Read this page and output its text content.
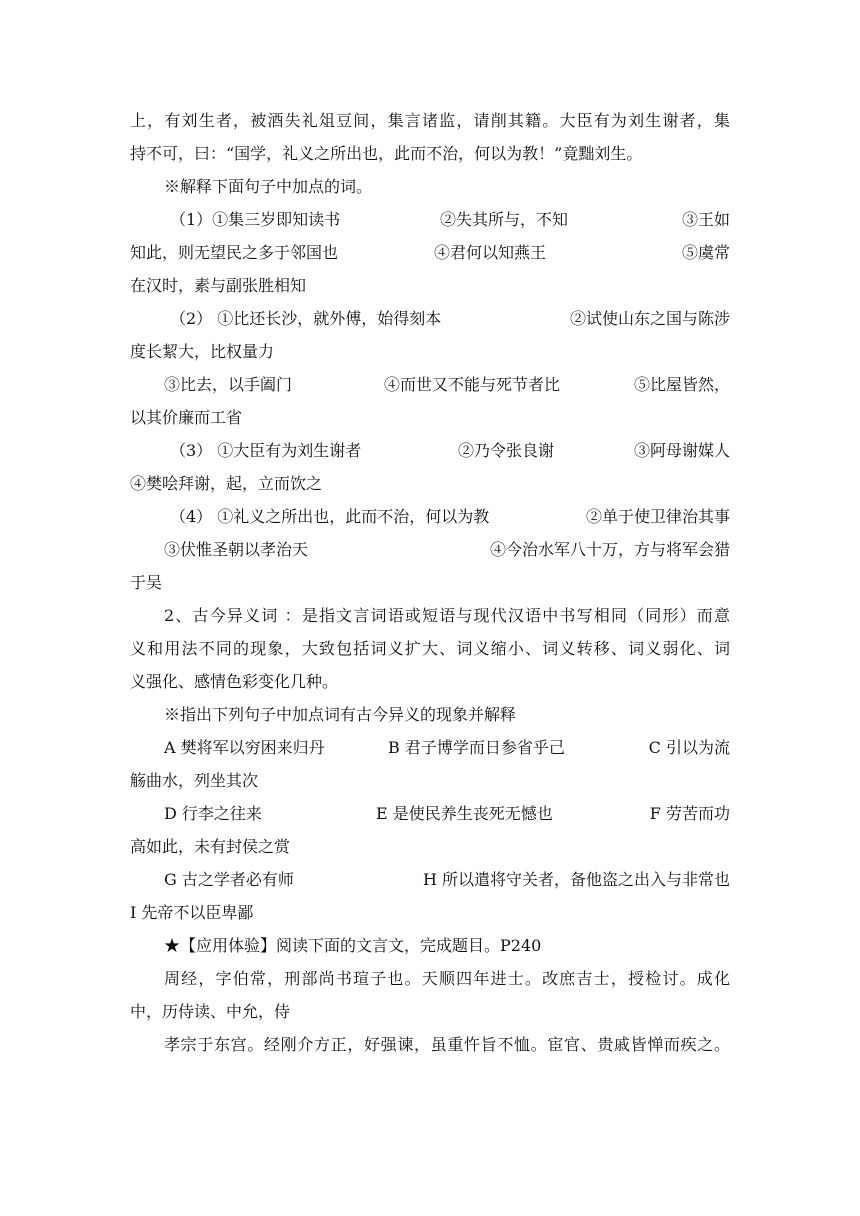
上，有刘生者，被酒失礼俎豆间，集言诸监，请削其籍。大臣有为刘生谢者，集
持不可，曰：“国学，礼义之所出也，此而不治，何以为教！”竟黜刘生。
※解释下面句子中加点的词。
（1）①集三岁即知读书	②失其所与，不知	③王如
知此，则无望民之多于邻国也	④君何以知燕王	⑤虞常
在汉时，素与副张胜相知
（2） ①比还长沙，就外傅，始得刻本	②试使山东之国与陈涉
度长絜大，比权量力
③比去，以手阖门	④而世又不能与死节者比	⑤比屋皆然，
以其价廉而工省
（3） ①大臣有为刘生谢者	②乃令张良谢	③阿母谢媒人
④樊哙拜谢，起，立而饮之
（4） ①礼义之所出也，此而不治，何以为教	②单于使卫律治其事
③伏惟圣朝以孝治天	④今治水军八十万，方与将军会猎
于吴
2、古今异义词 ：是指文言词语或短语与现代汉语中书写相同（同形）而意
义和用法不同的现象，大致包括词义扩大、词义缩小、词义转移、词义弱化、词
义强化、感情色彩变化几种。
※指出下列句子中加点词有古今异义的现象并解释
A 樊将军以穷困来归丹	B 君子博学而日参省乎己	C 引以为流
觞曲水，列坐其次
D 行李之往来	E 是使民养生丧死无憾也	F 劳苦而功
高如此，未有封侯之赏
G 古之学者必有师	H 所以遣将守关者，备他盗之出入与非常也
I 先帝不以臣卑鄙
★【应用体验】阅读下面的文言文，完成题目。P240
周经，字伯常，刑部尚书瑄子也。天顺四年进士。改庶吉士，授检讨。成化
中，历侍读、中允，侍
孝宗于东宫。经刚介方正，好强谏，虽重忤旨不恤。宦官、贵戚皆惮而疾之。
